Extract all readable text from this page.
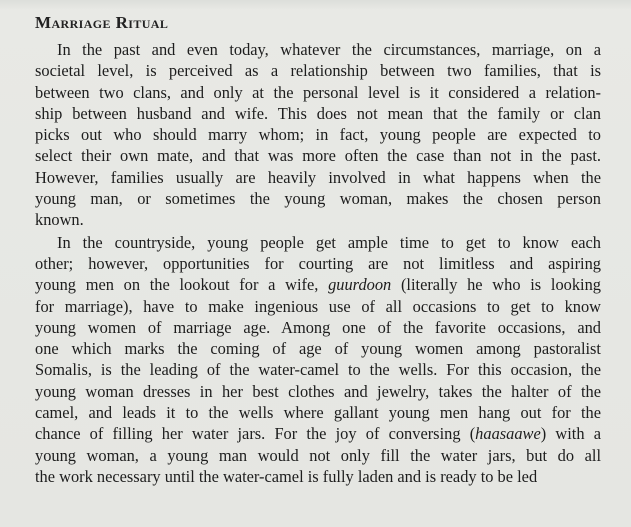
Marriage Ritual
In the past and even today, whatever the circumstances, marriage, on a
societal level, is perceived as a relationship between two families, that is
between two clans, and only at the personal level is it considered a relation-
ship between husband and wife. This does not mean that the family or clan
picks out who should marry whom; in fact, young people are expected to
select their own mate, and that was more often the case than not in the past.
However, families usually are heavily involved in what happens when the
young man, or sometimes the young woman, makes the chosen person
known.
In the countryside, young people get ample time to get to know each
other; however, opportunities for courting are not limitless and aspiring
young men on the lookout for a wife, guurdoon (literally he who is looking
for marriage), have to make ingenious use of all occasions to get to know
young women of marriage age. Among one of the favorite occasions, and
one which marks the coming of age of young women among pastoralist
Somalis, is the leading of the water-camel to the wells. For this occasion, the
young woman dresses in her best clothes and jewelry, takes the halter of the
camel, and leads it to the wells where gallant young men hang out for the
chance of filling her water jars. For the joy of conversing (haasaawe) with a
young woman, a young man would not only fill the water jars, but do all
the work necessary until the water-camel is fully laden and is ready to be led
